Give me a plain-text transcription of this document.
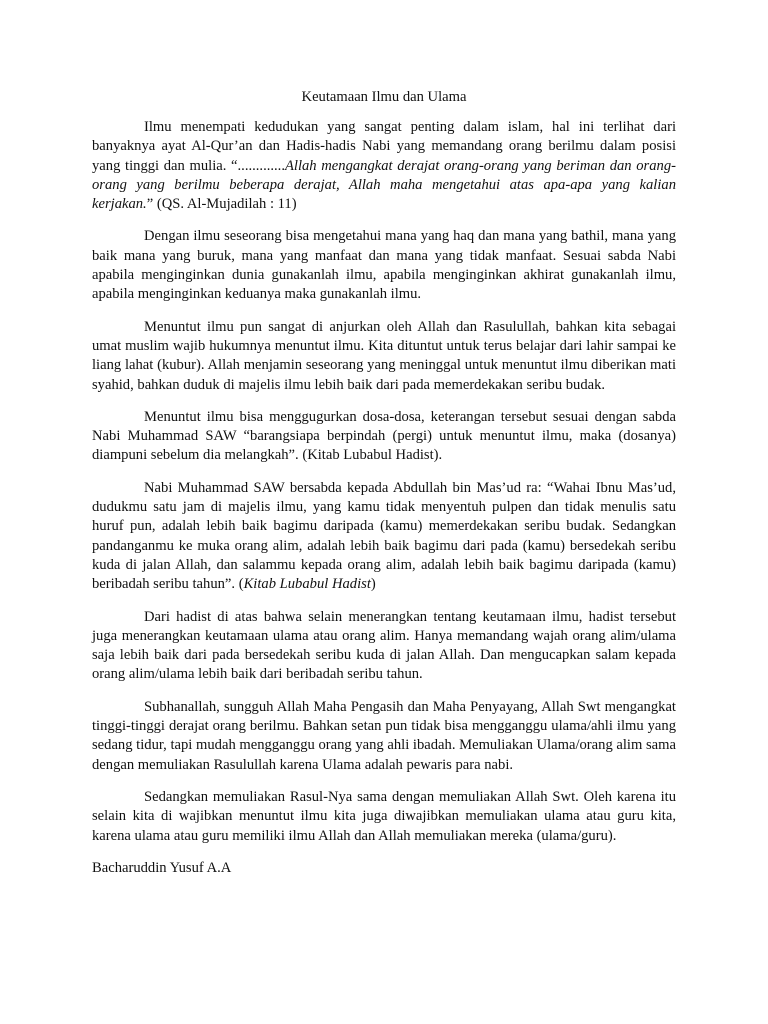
Keutamaan Ilmu dan Ulama

Ilmu menempati kedudukan yang sangat penting dalam islam, hal ini terlihat dari banyaknya ayat Al-Qur’an dan Hadis-hadis Nabi yang memandang orang berilmu dalam posisi yang tinggi dan mulia. “.............Allah mengangkat derajat orang-orang yang beriman dan orang-orang yang berilmu beberapa derajat, Allah maha mengetahui atas apa-apa yang kalian kerjakan.” (QS. Al-Mujadilah : 11)

Dengan ilmu seseorang bisa mengetahui mana yang haq dan mana yang bathil, mana yang baik mana yang buruk, mana yang manfaat dan mana yang tidak manfaat. Sesuai sabda Nabi apabila menginginkan dunia gunakanlah ilmu, apabila menginginkan akhirat gunakanlah ilmu, apabila menginginkan keduanya maka gunakanlah ilmu.

Menuntut ilmu pun sangat di anjurkan oleh Allah dan Rasulullah, bahkan kita sebagai umat muslim wajib hukumnya menuntut ilmu. Kita dituntut untuk terus belajar dari lahir sampai ke liang lahat (kubur). Allah menjamin seseorang yang meninggal untuk menuntut ilmu diberikan mati syahid, bahkan duduk di majelis ilmu lebih baik dari pada memerdekakan seribu budak.

Menuntut ilmu bisa menggugurkan dosa-dosa, keterangan tersebut sesuai dengan sabda Nabi Muhammad SAW “barangsiapa berpindah (pergi) untuk menuntut ilmu, maka (dosanya) diampuni sebelum dia melangkah”. (Kitab Lubabul Hadist).

Nabi Muhammad SAW bersabda kepada Abdullah bin Mas’ud ra: “Wahai Ibnu Mas’ud, dudukmu satu jam di majelis ilmu, yang kamu tidak menyentuh pulpen dan tidak menulis satu huruf pun, adalah lebih baik bagimu daripada (kamu) memerdekakan seribu budak. Sedangkan pandanganmu ke muka orang alim, adalah lebih baik bagimu dari pada (kamu) bersedekah seribu kuda di jalan Allah, dan salammu kepada orang alim, adalah lebih baik bagimu daripada (kamu) beribadah seribu tahun”. (Kitab Lubabul Hadist)

Dari hadist di atas bahwa selain menerangkan tentang keutamaan ilmu, hadist tersebut juga menerangkan keutamaan ulama atau orang alim. Hanya memandang wajah orang alim/ulama saja lebih baik dari pada bersedekah seribu kuda di jalan Allah. Dan mengucapkan salam kepada orang alim/ulama lebih baik dari beribadah seribu tahun.

Subhanallah, sungguh Allah Maha Pengasih dan Maha Penyayang, Allah Swt mengangkat tinggi-tinggi derajat orang berilmu. Bahkan setan pun tidak bisa mengganggu ulama/ahli ilmu yang sedang tidur, tapi mudah mengganggu orang yang ahli ibadah. Memuliakan Ulama/orang alim sama dengan memuliakan Rasulullah karena Ulama adalah pewaris para nabi.

Sedangkan memuliakan Rasul-Nya sama dengan memuliakan Allah Swt. Oleh karena itu selain kita di wajibkan menuntut ilmu kita juga diwajibkan memuliakan ulama atau guru kita, karena ulama atau guru memiliki ilmu Allah dan Allah memuliakan mereka (ulama/guru).

Bacharuddin Yusuf A.A
